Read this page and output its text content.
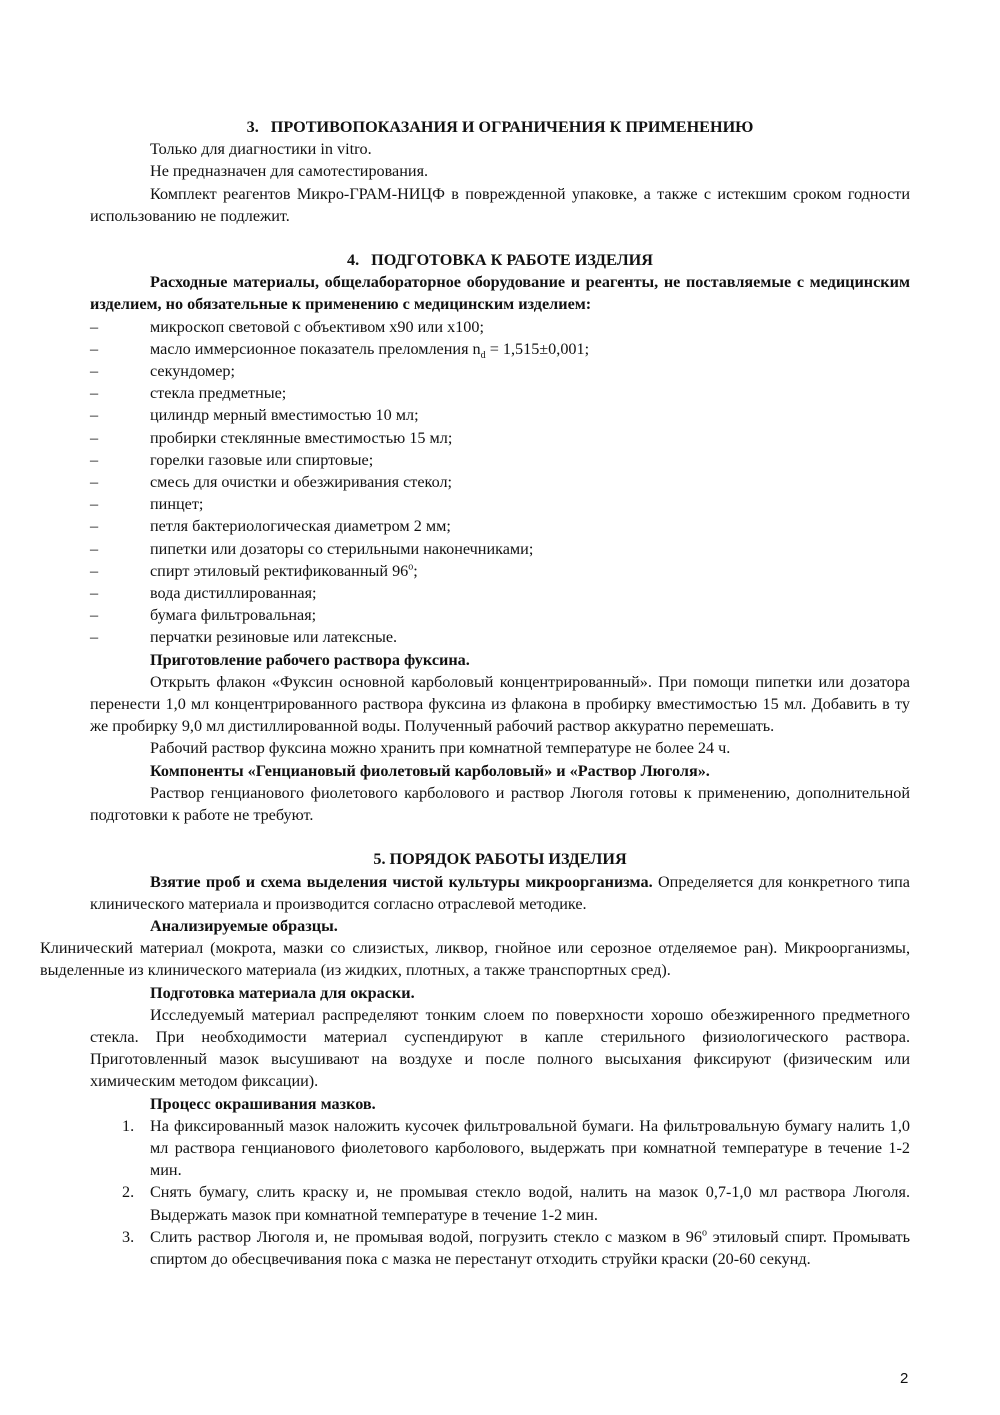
3. ПРОТИВОПОКАЗАНИЯ И ОГРАНИЧЕНИЯ К ПРИМЕНЕНИЮ

Только для диагностики in vitro.

Не предназначен для самотестирования.

Комплект реагентов Микро-ГРАМ-НИЦФ в поврежденной упаковке, а также с истекшим сроком годности использованию не подлежит.

4. ПОДГОТОВКА К РАБОТЕ ИЗДЕЛИЯ

Расходные материалы, общелабораторное оборудование и реагенты, не поставляемые с медицинским изделием, но обязательные к применению с медицинским изделием:

–	микроскоп световой с объективом х90 или х100;
–	масло иммерсионное показатель преломления $n_d = 1,515\pm 0,001$;
–	секундомер;
–	стекла предметные;
–	цилиндр мерный вместимостью 10 мл;
–	пробирки стеклянные вместимостью 15 мл;
–	горелки газовые или спиртовые;
–	смесь для очистки и обезжиривания стекол;
–	пинцет;
–	петля бактериологическая диаметром 2 мм;
–	пипетки или дозаторы со стерильными наконечниками;
–	спирт этиловый ректификованный $96^о$;
–	вода дистиллированная;
–	бумага фильтровальная;
–	перчатки резиновые или латексные.

Приготовление рабочего раствора фуксина.

Открыть флакон «Фуксин основной карболовый концентрированный». При помощи пипетки или дозатора перенести 1,0 мл концентрированного раствора фуксина из флакона в пробирку вместимостью 15 мл. Добавить в ту же пробирку 9,0 мл дистиллированной воды. Полученный рабочий раствор аккуратно перемешать.

Рабочий раствор фуксина можно хранить при комнатной температуре не более 24 ч.

Компоненты «Генциановый фиолетовый карболовый» и «Раствор Люголя».

Раствор генцианового фиолетового карболового и раствор Люголя готовы к применению, дополнительной подготовки к работе не требуют.

5. ПОРЯДОК РАБОТЫ ИЗДЕЛИЯ

Взятие проб и схема выделения чистой культуры микроорганизма. Определяется для конкретного типа клинического материала и производится согласно отраслевой методике.

Анализируемые образцы.

Клинический материал (мокрота, мазки со слизистых, ликвор, гнойное или серозное отделяемое ран). Микроорганизмы, выделенные из клинического материала (из жидких, плотных, а также транспортных сред).

Подготовка материала для окраски.

Исследуемый материал распределяют тонким слоем по поверхности хорошо обезжиренного предметного стекла. При необходимости материал суспендируют в капле стерильного физиологического раствора. Приготовленный мазок высушивают на воздухе и после полного высыхания фиксируют (физическим или химическим методом фиксации).

Процесс окрашивания мазков.

1. На фиксированный мазок наложить кусочек фильтровальной бумаги. На фильтровальную бумагу налить 1,0 мл раствора генцианового фиолетового карболового, выдержать при комнатной температуре в течение 1-2 мин.
2. Снять бумагу, слить краску и, не промывая стекло водой, налить на мазок 0,7-1,0 мл раствора Люголя. Выдержать мазок при комнатной температуре в течение 1-2 мин.
3. Слить раствор Люголя и, не промывая водой, погрузить стекло с мазком в $96^о$ этиловый спирт. Промывать спиртом до обесцвечивания пока с мазка не перестанут отходить струйки краски (20-60 секунд.
2
